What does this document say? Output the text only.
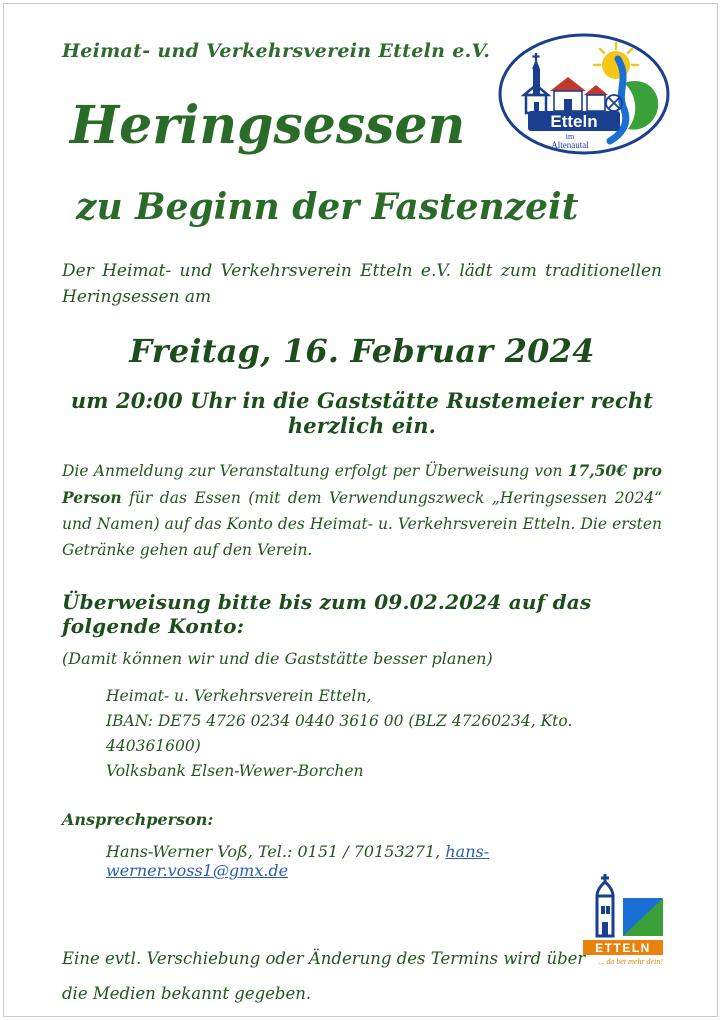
Etteln
im
Altenautal
ETTELN
... da bet mehr dein!
Heimat- und Verkehrsverein Etteln e.V.
Heringsessen
zu Beginn der Fastenzeit

Der Heimat- und Verkehrsverein Etteln e.V. lädt zum traditionellen Heringsessen am

Freitag, 16. Februar 2024
um 20:00 Uhr in die Gaststätte Rustemeier recht herzlich ein.

Die Anmeldung zur Veranstaltung erfolgt per Überweisung von 17,50€ pro Person für das Essen (mit dem Verwendungszweck „Heringsessen 2024“ und Namen) auf das Konto des Heimat- u. Verkehrsverein Etteln. Die ersten Getränke gehen auf den Verein.

Überweisung bitte bis zum 09.02.2024 auf das folgende Konto:
(Damit können wir und die Gaststätte besser planen)
Heimat- u. Verkehrsverein Etteln,
IBAN: DE75 4726 0234 0440 3616 00 (BLZ 47260234, Kto. 440361600)
Volksbank Elsen-Wewer-Borchen
Ansprechperson:
Hans-Werner Voß, Tel.: 0151 / 70153271, hans-werner.voss1@gmx.de
Eine evtl. Verschiebung oder Änderung des Termins wird über
die Medien bekannt gegeben.
